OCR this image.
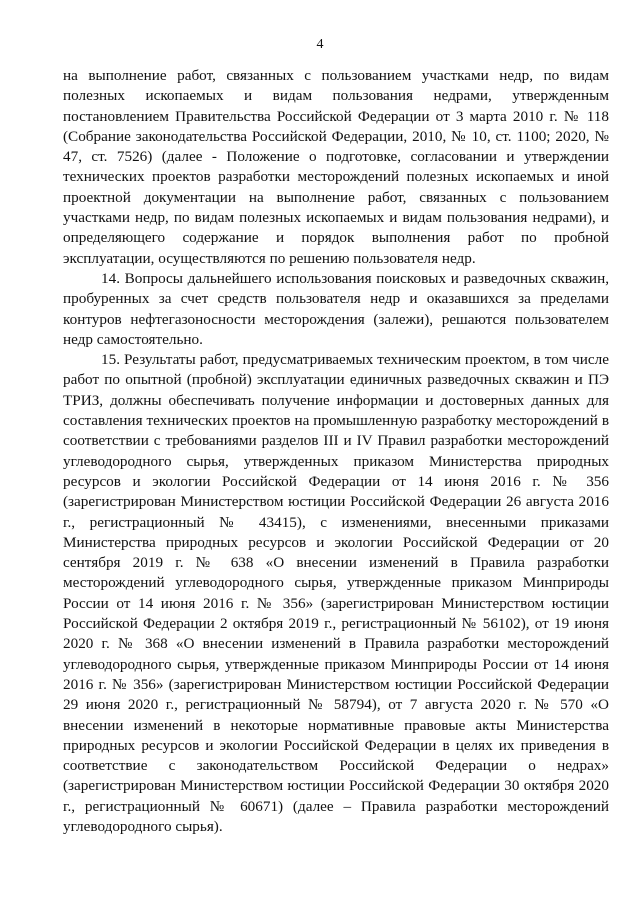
4

на выполнение работ, связанных с пользованием участками недр, по видам полезных ископаемых и видам пользования недрами, утвержденным постановлением Правительства Российской Федерации от 3 марта 2010 г. № 118 (Собрание законодательства Российской Федерации, 2010, № 10, ст. 1100; 2020, № 47, ст. 7526) (далее - Положение о подготовке, согласовании и утверждении технических проектов разработки месторождений полезных ископаемых и иной проектной документации на выполнение работ, связанных с пользованием участками недр, по видам полезных ископаемых и видам пользования недрами), и определяющего содержание и порядок выполнения работ по пробной эксплуатации, осуществляются по решению пользователя недр.

14. Вопросы дальнейшего использования поисковых и разведочных скважин, пробуренных за счет средств пользователя недр и оказавшихся за пределами контуров нефтегазоносности месторождения (залежи), решаются пользователем недр самостоятельно.

15. Результаты работ, предусматриваемых техническим проектом, в том числе работ по опытной (пробной) эксплуатации единичных разведочных скважин и ПЭ ТРИЗ, должны обеспечивать получение информации и достоверных данных для составления технических проектов на промышленную разработку месторождений в соответствии с требованиями разделов III и IV Правил разработки месторождений углеводородного сырья, утвержденных приказом Министерства природных ресурсов и экологии Российской Федерации от 14 июня 2016 г. № 356 (зарегистрирован Министерством юстиции Российской Федерации 26 августа 2016 г., регистрационный № 43415), с изменениями, внесенными приказами Министерства природных ресурсов и экологии Российской Федерации от 20 сентября 2019 г. № 638 «О внесении изменений в Правила разработки месторождений углеводородного сырья, утвержденные приказом Минприроды России от 14 июня 2016 г. № 356» (зарегистрирован Министерством юстиции Российской Федерации 2 октября 2019 г., регистрационный № 56102), от 19 июня 2020 г. № 368 «О внесении изменений в Правила разработки месторождений углеводородного сырья, утвержденные приказом Минприроды России от 14 июня 2016 г. № 356» (зарегистрирован Министерством юстиции Российской Федерации 29 июня 2020 г., регистрационный № 58794), от 7 августа 2020 г. № 570 «О внесении изменений в некоторые нормативные правовые акты Министерства природных ресурсов и экологии Российской Федерации в целях их приведения в соответствие с законодательством Российской Федерации о недрах» (зарегистрирован Министерством юстиции Российской Федерации 30 октября 2020 г., регистрационный № 60671) (далее – Правила разработки месторождений углеводородного сырья).
